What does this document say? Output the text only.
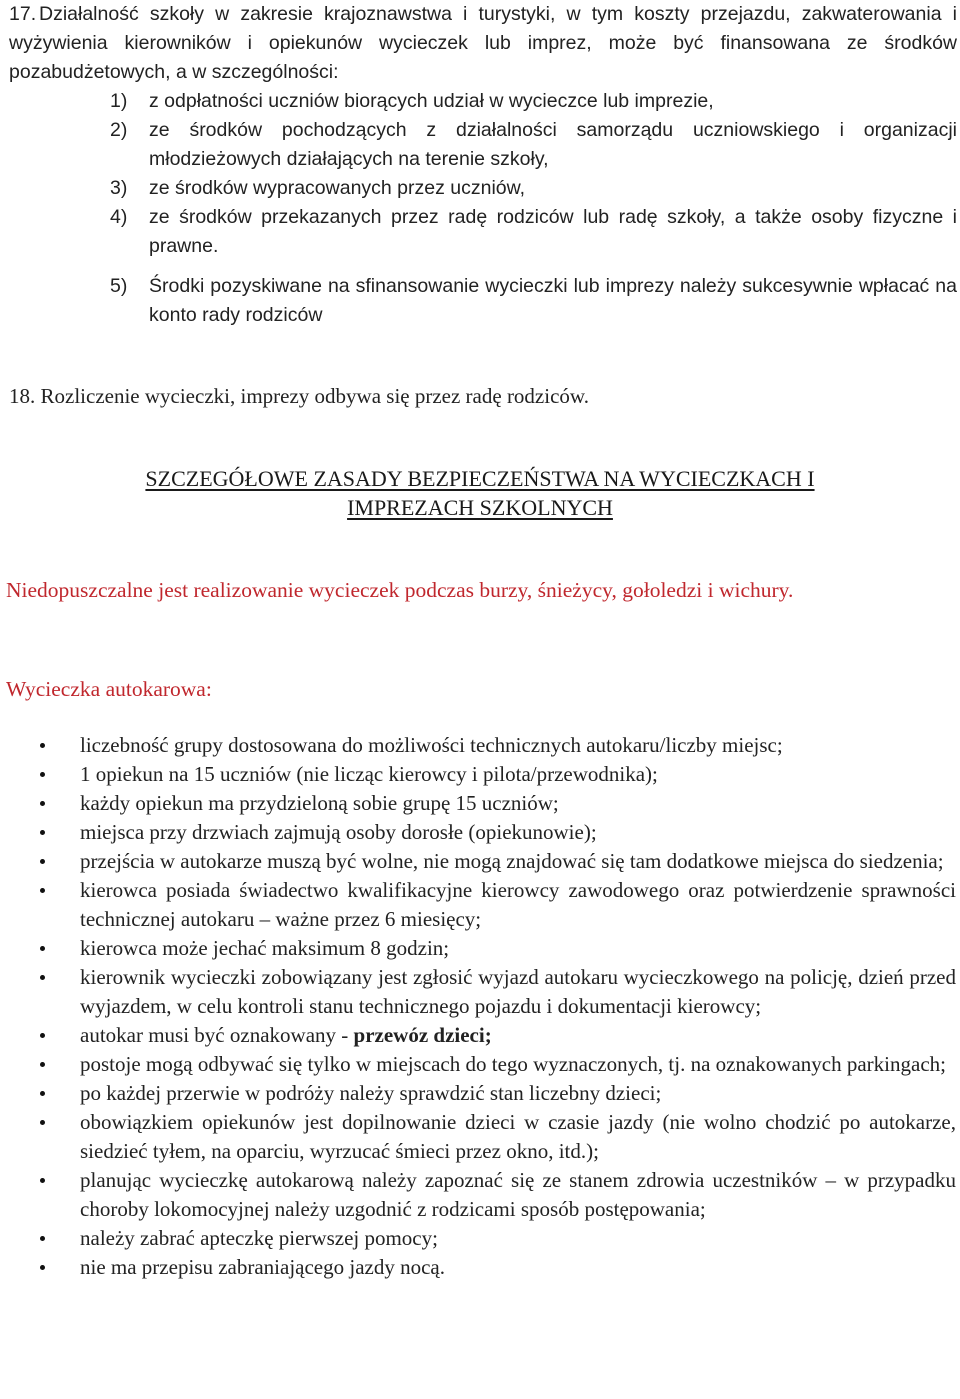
17. Działalność szkoły w zakresie krajoznawstwa i turystyki, w tym koszty przejazdu, zakwaterowania i wyżywienia kierowników i opiekunów wycieczek lub imprez, może być finansowana ze środków pozabudżetowych, a w szczególności:

1) z odpłatności uczniów biorących udział w wycieczce lub imprezie,
2) ze środków pochodzących z działalności samorządu uczniowskiego i organizacji młodzieżowych działających na terenie szkoły,
3) ze środków wypracowanych przez uczniów,
4) ze środków przekazanych przez radę rodziców lub radę szkoły, a także osoby fizyczne i prawne.
5) Środki pozyskiwane na sfinansowanie wycieczki lub imprezy należy sukcesywnie wpłacać na konto rady rodziców

18. Rozliczenie wycieczki, imprezy odbywa się przez radę rodziców.

SZCZEGÓŁOWE ZASADY BEZPIECZEŃSTWA NA WYCIECZKACH I
IMPREZACH SZKOLNYCH

Niedopuszczalne jest realizowanie wycieczek podczas burzy, śnieżycy, gołoledzi i wichury.

Wycieczka autokarowa:
liczebność grupy dostosowana do możliwości technicznych autokaru/liczby miejsc;
1 opiekun na 15 uczniów (nie licząc kierowcy i pilota/przewodnika);
każdy opiekun ma przydzieloną sobie grupę 15 uczniów;
miejsca przy drzwiach zajmują osoby dorosłe (opiekunowie);
przejścia w autokarze muszą być wolne, nie mogą znajdować się tam dodatkowe miejsca do siedzenia;
kierowca posiada świadectwo kwalifikacyjne kierowcy zawodowego oraz potwierdzenie sprawności technicznej autokaru – ważne przez 6 miesięcy;
kierowca może jechać maksimum 8 godzin;
kierownik wycieczki zobowiązany jest zgłosić wyjazd autokaru wycieczkowego na policję, dzień przed wyjazdem, w celu kontroli stanu technicznego pojazdu i dokumentacji kierowcy;
autokar musi być oznakowany - przewóz dzieci;
postoje mogą odbywać się tylko w miejscach do tego wyznaczonych, tj. na oznakowanych parkingach;
po każdej przerwie w podróży należy sprawdzić stan liczebny dzieci;
obowiązkiem opiekunów jest dopilnowanie dzieci w czasie jazdy (nie wolno chodzić po autokarze, siedzieć tyłem, na oparciu, wyrzucać śmieci przez okno, itd.);
planując wycieczkę autokarową należy zapoznać się ze stanem zdrowia uczestników – w przypadku choroby lokomocyjnej należy uzgodnić z rodzicami sposób postępowania;
należy zabrać apteczkę pierwszej pomocy;
nie ma przepisu zabraniającego jazdy nocą.
